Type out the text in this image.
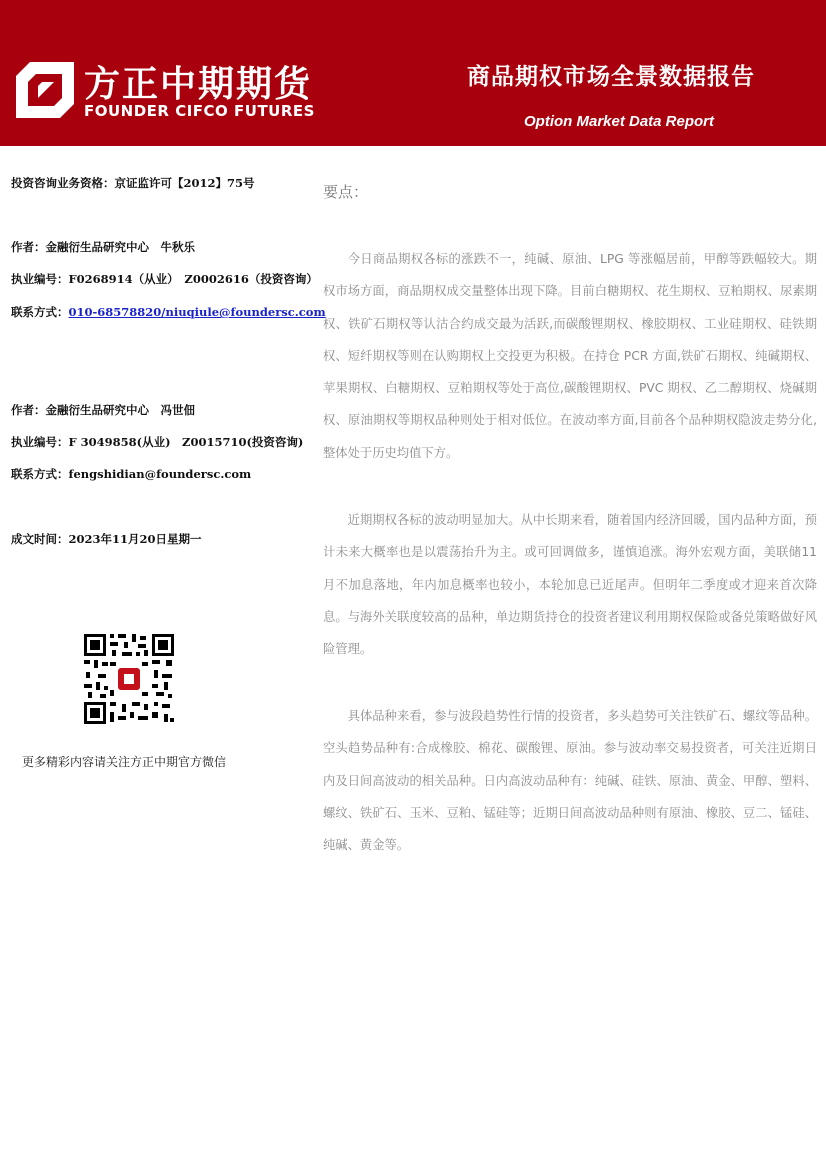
方正中期期货
FOUNDER CIFCO FUTURES
商品期权市场全景数据报告
Option Market Data Report
投资咨询业务资格：京证监许可【2012】75号
作者：金融衍生品研究中心　牛秋乐
执业编号：F0268914（从业）　Z0002616（投资咨询）
联系方式：010-68578820/niuqiule@foundersc.com
作者：金融衍生品研究中心　冯世佃
执业编号：F 3049858(从业)　Z0015710(投资咨询)
联系方式：fengshidian@foundersc.com
成文时间：2023年11月20日星期一
更多精彩内容请关注方正中期官方微信
要点：

今日商品期权各标的涨跌不一，纯碱、原油、LPG 等涨幅居前，甲醇等跌幅较大。期权市场方面，商品期权成交量整体出现下降。目前白糖期权、花生期权、豆粕期权、尿素期权、铁矿石期权等认沽合约成交最为活跃,而碳酸锂期权、橡胶期权、工业硅期权、硅铁期权、短纤期权等则在认购期权上交投更为积极。在持仓 PCR 方面,铁矿石期权、纯碱期权、苹果期权、白糖期权、豆粕期权等处于高位,碳酸锂期权、PVC 期权、乙二醇期权、烧碱期权、原油期权等期权品种则处于相对低位。在波动率方面,目前各个品种期权隐波走势分化,整体处于历史均值下方。

近期期权各标的波动明显加大。从中长期来看，随着国内经济回暖，国内品种方面，预计未来大概率也是以震荡抬升为主。或可回调做多，谨慎追涨。海外宏观方面，美联储11 月不加息落地，年内加息概率也较小，本轮加息已近尾声。但明年二季度或才迎来首次降息。与海外关联度较高的品种，单边期货持仓的投资者建议利用期权保险或备兑策略做好风险管理。

具体品种来看，参与波段趋势性行情的投资者，多头趋势可关注铁矿石、螺纹等品种。空头趋势品种有:合成橡胶、棉花、碳酸锂、原油。参与波动率交易投资者，可关注近期日内及日间高波动的相关品种。日内高波动品种有：纯碱、硅铁、原油、黄金、甲醇、塑料、螺纹、铁矿石、玉米、豆粕、锰硅等；近期日间高波动品种则有原油、橡胶、豆二、锰硅、纯碱、黄金等。
